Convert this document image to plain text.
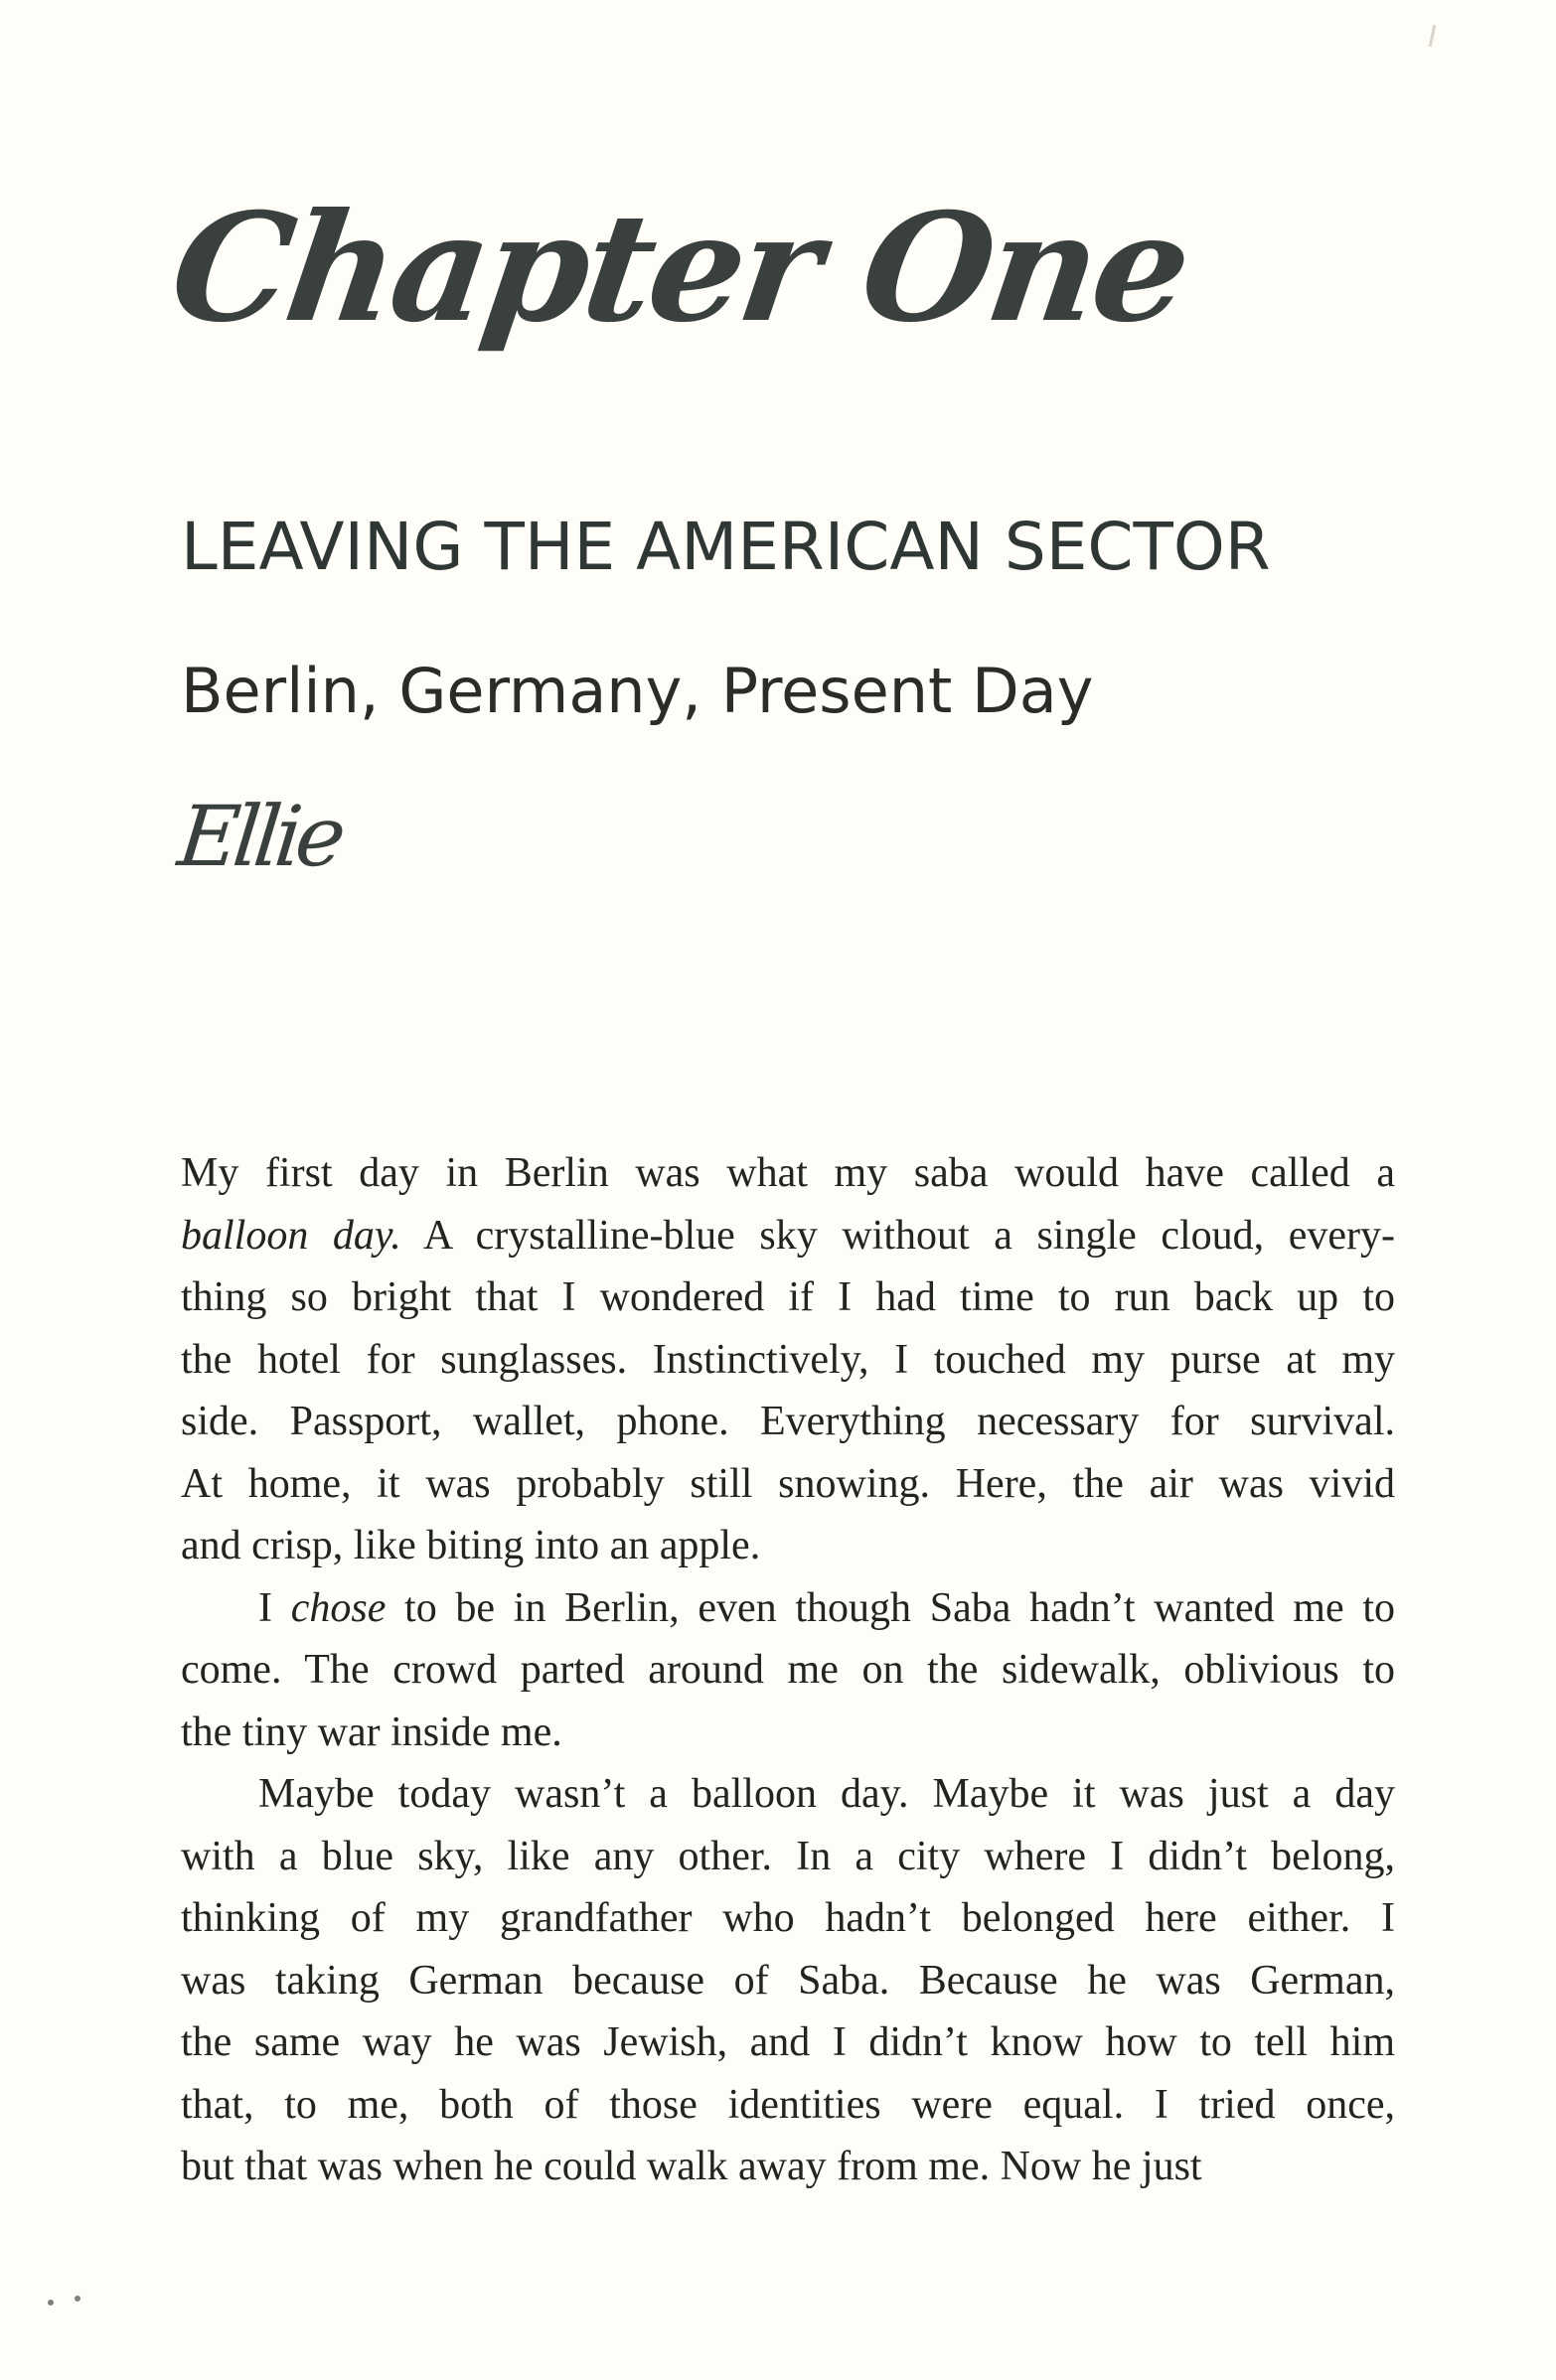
Chapter One
LEAVING THE AMERICAN SECTOR
Berlin, Germany, Present Day
Ellie
My first day in Berlin was what my saba would have called a
balloon day. A crystalline-blue sky without a single cloud, every-
thing so bright that I wondered if I had time to run back up to
the hotel for sunglasses. Instinctively, I touched my purse at my
side. Passport, wallet, phone. Everything necessary for survival.
At home, it was probably still snowing. Here, the air was vivid
and crisp, like biting into an apple.
I chose to be in Berlin, even though Saba hadn’t wanted me to
come. The crowd parted around me on the sidewalk, oblivious to
the tiny war inside me.
Maybe today wasn’t a balloon day. Maybe it was just a day
with a blue sky, like any other. In a city where I didn’t belong,
thinking of my grandfather who hadn’t belonged here either. I
was taking German because of Saba. Because he was German,
the same way he was Jewish, and I didn’t know how to tell him
that, to me, both of those identities were equal. I tried once,
but that was when he could walk away from me. Now he just
